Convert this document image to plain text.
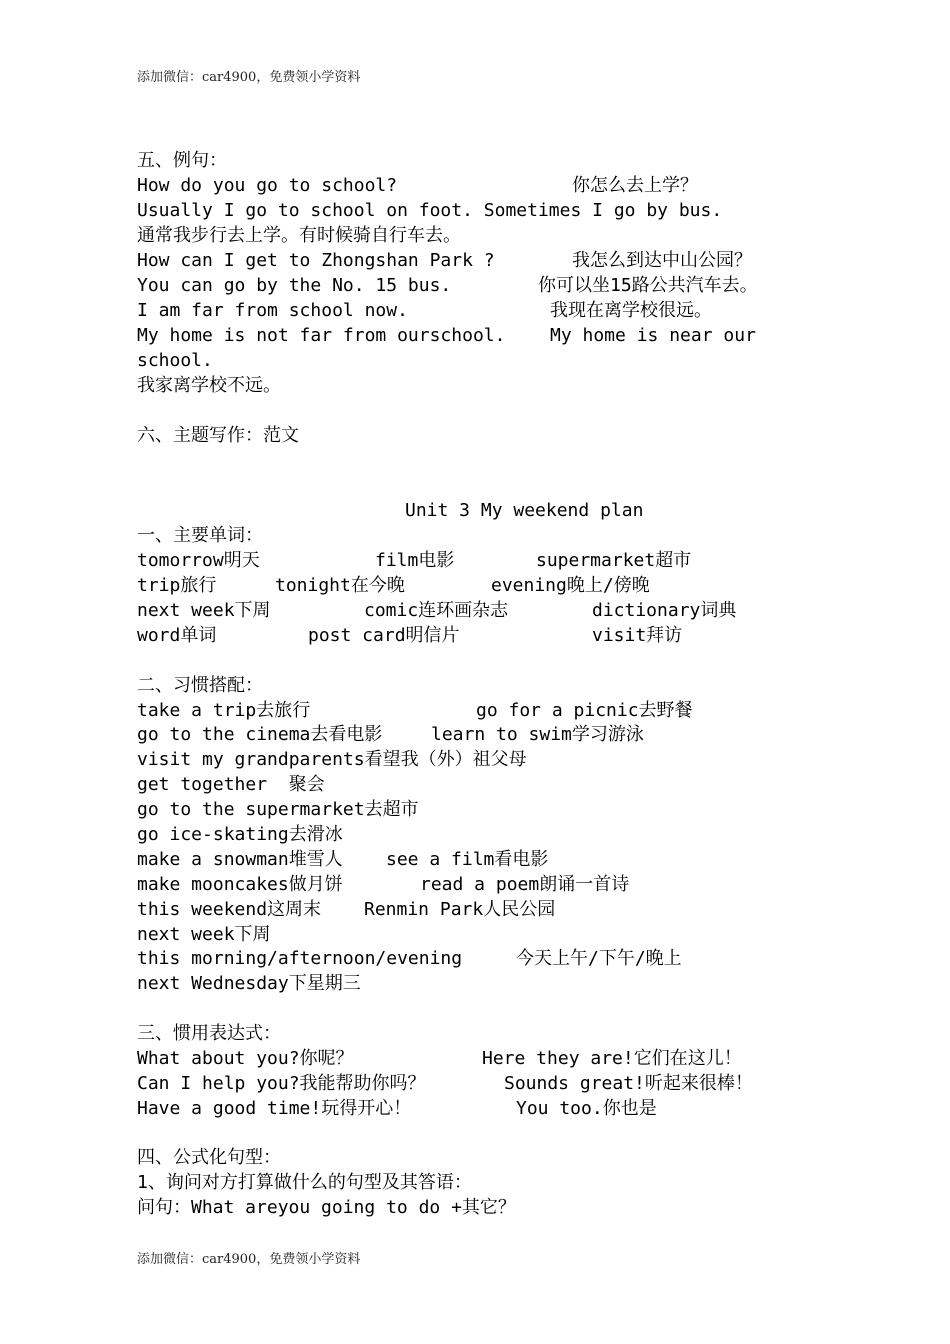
添加微信：car4900，免费领小学资料
五、例句：
How do you go to school?	你怎么去上学？
Usually I go to school on foot. Sometimes I go by bus.
通常我步行去上学。有时候骑自行车去。
How can I get to Zhongshan Park ?	我怎么到达中山公园？
You can go by the No. 15 bus.	你可以坐15路公共汽车去。
I am far from school now.	我现在离学校很远。
My home is not far from ourschool. My home is near our
school.
我家离学校不远。
六、主题写作：范文
Unit 3 My weekend plan
一、主要单词：
tomorrow明天	film电影	supermarket超市
trip旅行	tonight在今晚	evening晚上/傍晚
next week下周	comic连环画杂志	dictionary词典
word单词	post card明信片	visit拜访
二、习惯搭配：
take a trip去旅行	go for a picnic去野餐
go to the cinema去看电影	learn to swim学习游泳
visit my grandparents看望我（外）祖父母
get together  聚会
go to the supermarket去超市
go ice-skating去滑冰
make a snowman堆雪人 see a film看电影
make mooncakes做月饼	read a poem朗诵一首诗
this weekend这周末 Renmin Park人民公园
next week下周
this morning/afternoon/evening	今天上午/下午/晚上
next Wednesday下星期三
三、惯用表达式：
What about you?你呢？	Here they are!它们在这儿！
Can I help you?我能帮助你吗？	Sounds great!听起来很棒！
Have a good time!玩得开心！	You too.你也是
四、公式化句型：
1、询问对方打算做什么的句型及其答语：
问句：What areyou going to do +其它？
添加微信：car4900，免费领小学资料
